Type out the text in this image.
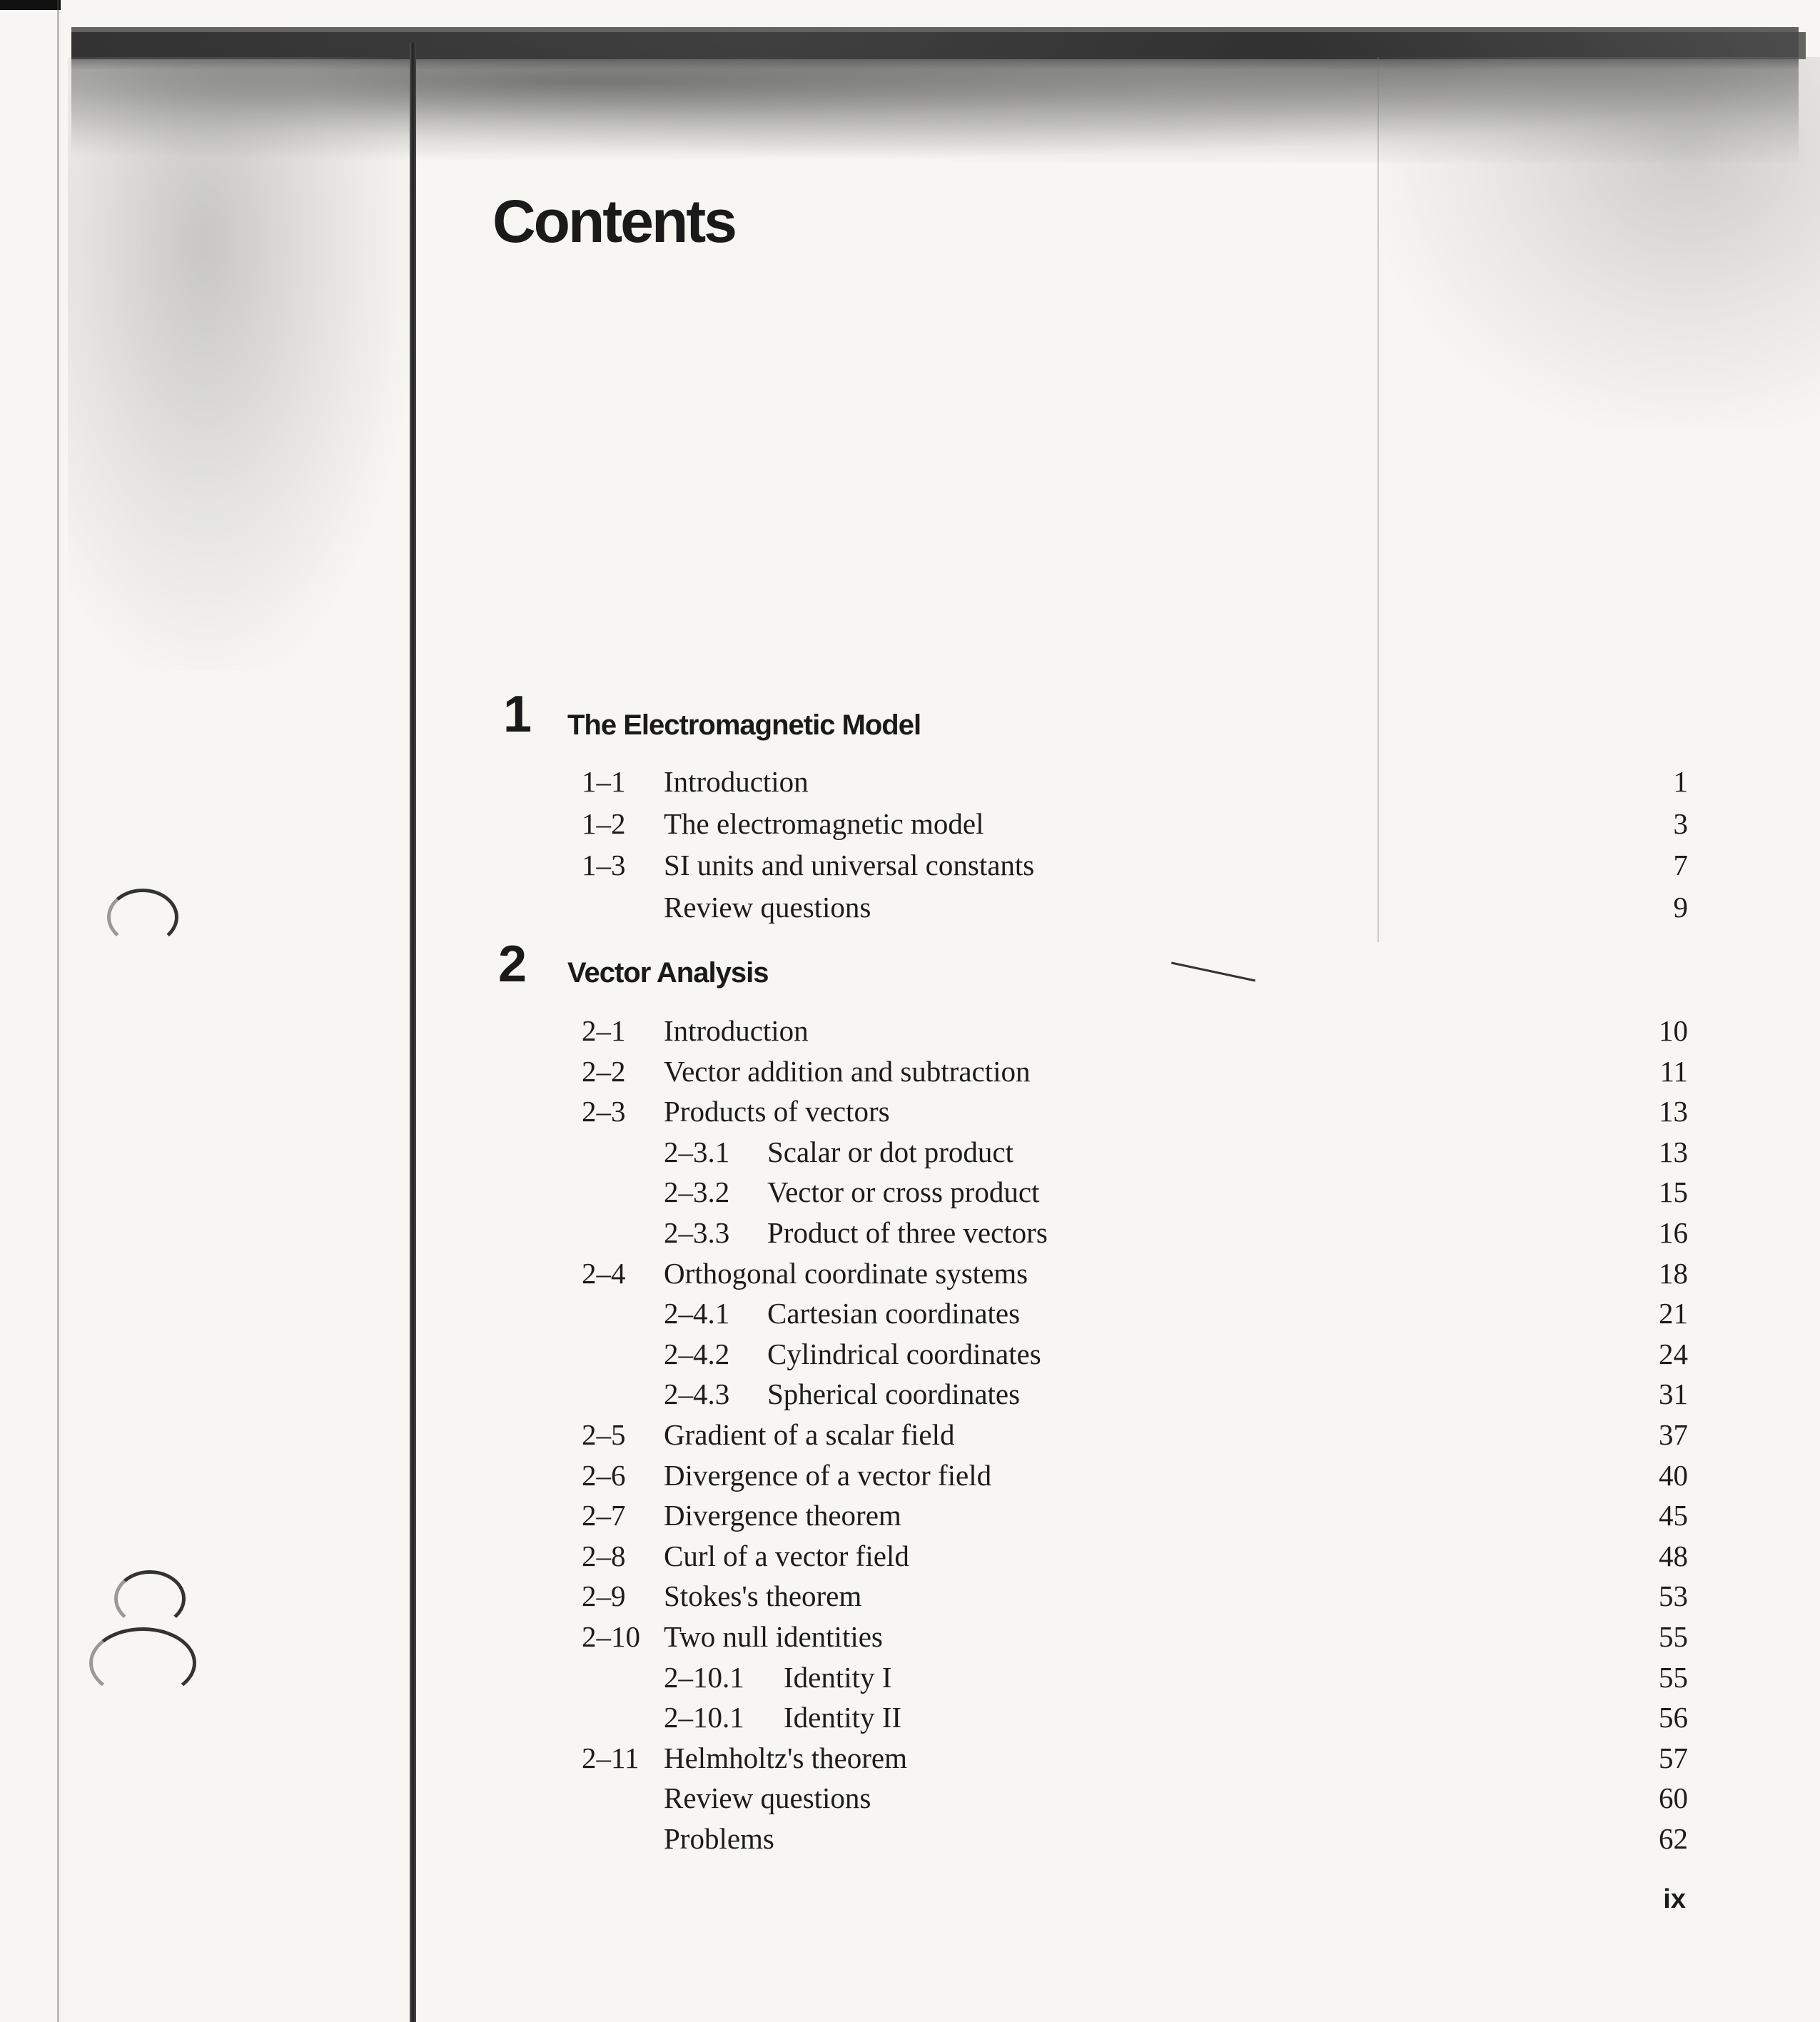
Contents
1 The Electromagnetic Model
1–1 Introduction	1
1–2 The electromagnetic model	3
1–3 SI units and universal constants	7
Review questions	9
2 Vector Analysis
2–1 Introduction	10
2–2 Vector addition and subtraction	11
2–3 Products of vectors	13
2–3.1 Scalar or dot product	13
2–3.2 Vector or cross product	15
2–3.3 Product of three vectors	16
2–4 Orthogonal coordinate systems	18
2–4.1 Cartesian coordinates	21
2–4.2 Cylindrical coordinates	24
2–4.3 Spherical coordinates	31
2–5 Gradient of a scalar field	37
2–6 Divergence of a vector field	40
2–7 Divergence theorem	45
2–8 Curl of a vector field	48
2–9 Stokes's theorem	53
2–10 Two null identities	55
2–10.1 Identity I	55
2–10.1 Identity II	56
2–11 Helmholtz's theorem	57
Review questions	60
Problems	62
ix
